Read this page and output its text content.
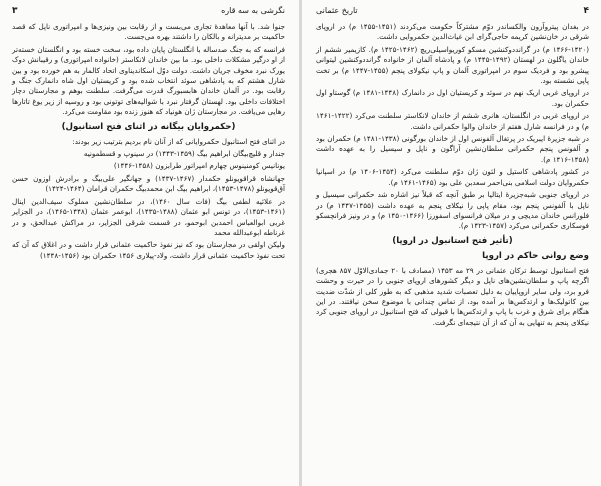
نگرشی به سه قاره
۳

جنوا شد. با آنها معاهدهٔ تجاری می‌بست و از رقابت بین ونیزی‌ها و امپراتوری ناپل که قصد حاکمیت بر مدیترانه و بالکان را داشتند بهره می‌جست.

فرانسه که به جنگ صدساله با انگلستان پایان داده بود، سخت خسته بود و انگلستان خسته‌تر از او درگیر مشکلات داخلی بود. ما بین خاندان لانکاستر (خانواده امپراتوری) و رقیبانش دوک یورک نبرد مخوف جریان داشت. دولت دوّل اسکاندیناوی اتحاد کالمار به هم خورده بود و بین شارل هشتم که به پادشاهی سوئد انتخاب شده بود و کریستیان اول شاه دانمارک جنگ و رقابت بود. در آلمان خاندان هابسبورگ قدرت می‌گرفت. سلطنت بوهم و مجارستان دچار اختلافات داخلی بود. لهستان گرفتار نبرد با شوالیه‌های توتونی بود و روسیه از زیر یوغ تاتارها رهایی می‌یافت. در مجارستان ژان هونیاد که هنوز زنده بود مقاومت می‌کرد.

(حکمروایان بیگانه در اثنای فتح استانبول)

در اثنای فتح استانبول حکمروایانی که از آنان نام بردیم بترتیب زیر بودند:

جندار و قلیچ‌بیگان ابراهیم بیگ (۱۴۵۹-۱۴۴۳) در سینوپ و قسطمونیه

یونانیس کومنینوس چهارم امپراتور طرابزون (۱۴۵۸-۱۴۴۶)

جهانشاه قراقویونلو حکمدار (۱۴۶۷-۱۴۳۷) و جهانگیر علی‌بیگ و برادرش اوزون حسن آق‌قویونلو (۱۴۷۸-۱۴۵۳)، ابراهیم بیگ ابن محمدبیگ حکمران قرامان (۱۴۶۴-۱۴۲۴)

در علائیه لطفی بیگ (فات سال ۱۴۶۰)، در سلطان‌نشین مملوک سیف‌الدین اینال (۱۴۶۱-۱۴۵۳)، در تونس ابو عثمان (۱۴۸۸-۱۴۳۵)، ابوعمر عثمان (۱۴۴۸-۱۴۶۵)، در الجزایر غربی ابوالعباس احمدبن ابوحمو، در قسمت شرقی الجزایر، در مراکش عبدالحق، و در غرناطه ابوعبدالله محمد

ولیکن اولقی در مجارستان بود که نیز نفوذ حاکمیت عثمانی قرار داشت و در اغلاق که آن که تحت نفوذ حاکمیت عثمانی قرار داشت، ولاد-پیلاری ۱۴۵۶ حکمران بود (۱۴۵۶-۱۴۴۸)

۴
تاریخ عثمانی

در بغدان پیتروآرون والکساندر دوّم مشترکاً حکومت می‌کردند (۱۴۵۱-۱۴۵۵ م) در اروپای شرقی در خان‌نشین کریمه حاجی‌گرای ابن غیاث‌الدین حکمروایی داشت.

(۱۴۶۶-۱۴۲۰ م) در گرانددوکنشین مسکو کوریواسیلی‌ریچ (۱۴۶۲-۱۴۲۵ م). کازیمیر ششم از خاندان یاگلون در لهستان (۱۴۹۲-۱۴۴۵ م) و پادشاه آلمان از خانواده گرانددوکنشین لیتوانی پیشرو بود و فردیک سوم در امپراتوری آلمان و پاپ نیکولای پنجم (۱۴۵۵-۱۴۴۷ م) بر تخت پاپی نشسته بود.

در اروپای غربی اریک نهم در سوئد و کریستیان اول در دانمارک (۱۴۴۸-۱۴۸۱ م) گوستاو اول حکمران بود.

در اروپای غربی در انگلستان، هانری ششم از خاندان لانکاستر سلطنت می‌کرد (۱۴۲۲-۱۴۶۱ م) و در فرانسه شارل هفتم از خاندان والوا حکمرانی داشت.

در شبه جزیرهٔ ایبریک در پرتغال آلفونس اول از خاندان بورگونی (۱۴۳۸-۱۴۸۱ م) حکمران بود و آلفونس پنجم حکمرانی سلطان‌نشین آراگون و ناپل و سیسیل را به عهده داشت (۱۴۵۸-۱۴۱۶ م).

در کشور پادشاهی کاستیل و لئون ژان دوّم سلطنت می‌کرد (۱۴۵۴-۱۴۰۶ م) در اسپانیا حکمروایان دولت اسلامی بنی‌احمر سعدبن علی بود (۱۴۶۵-۱۴۶۱ م).

در اروپای جنوبی شبه‌جزیرهٔ ایتالیا بر طبق آنچه که قبلاً نیز اشاره شد حکمرانی سیسیل و ناپل با آلفونس پنجم بود، مقام پاپی را نیکلای پنجم به عهده داشت (۱۴۵۵-۱۴۴۷ م) در فلورانس خاندان مدیچی و در میلان فرانسوای اسفورزا (۱۴۶۶-۱۴۵۰ م) و در ونیز فرانچسکو فوسکاری حکمرانی می‌کرد (۱۴۵۷-۱۴۲۳ م).

(تأثیر فتح استانبول در اروپا)
وضع روانی حاکم در اروپا

فتح استانبول توسط ترکان عثمانی در ۲۹ مه ۱۴۵۳ (مصادف با ۲۰ جمادی‌الاوّل ۸۵۷ هجری) اگرچه پاپ و سلطان‌نشین‌های ناپل و دیگر کشورهای اروپای جنوبی را در حیرت و وحشت فرو برد، ولی سایر اروپاییان به دلیل تعصبات شدید مذهبی که به طور کلی از شدّت ضدیت بین کاتولیک‌ها و ارتدکس‌ها بر آمده بود، از تماس چندانی با موضوع سخن نیافتند. در این هنگام برای شرق و غرب با پاپ و ارتدکس‌ها با قبولی که فتح استانبول در اروپای جنوبی کرد نیکلای پنجم به تنهایی به آن که از آن نتیجه‌ای نگرفت.
